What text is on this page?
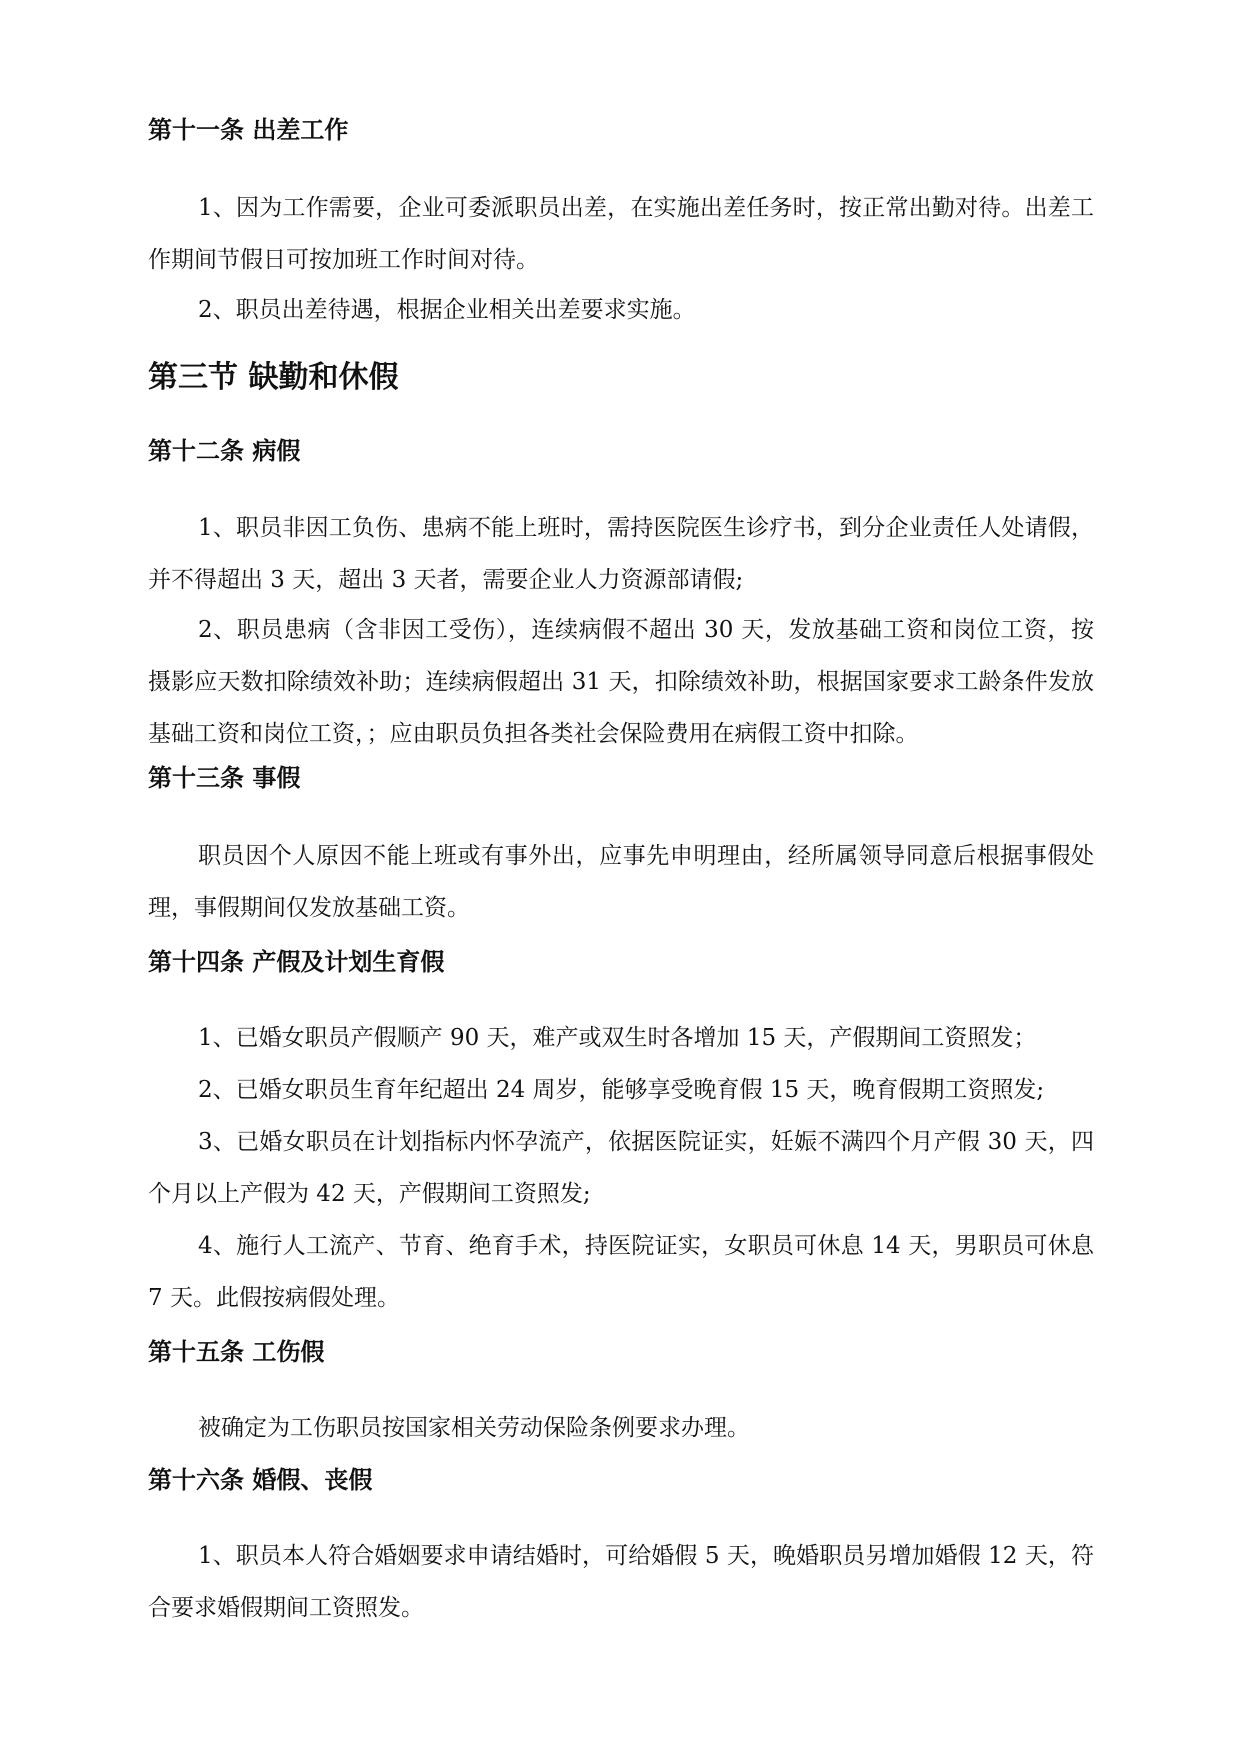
第十一条 出差工作

1、因为工作需要，企业可委派职员出差，在实施出差任务时，按正常出勤对待。出差工作期间节假日可按加班工作时间对待。

2、职员出差待遇，根据企业相关出差要求实施。

第三节 缺勤和休假
第十二条 病假

1、职员非因工负伤、患病不能上班时，需持医院医生诊疗书，到分企业责任人处请假，并不得超出 3 天，超出 3 天者，需要企业人力资源部请假;

2、职员患病（含非因工受伤），连续病假不超出 30 天，发放基础工资和岗位工资，按摄影应天数扣除绩效补助；连续病假超出 31 天，扣除绩效补助，根据国家要求工龄条件发放基础工资和岗位工资，；应由职员负担各类社会保险费用在病假工资中扣除。

第十三条 事假

职员因个人原因不能上班或有事外出，应事先申明理由，经所属领导同意后根据事假处理，事假期间仅发放基础工资。

第十四条 产假及计划生育假

1、已婚女职员产假顺产 90 天，难产或双生时各增加 15 天，产假期间工资照发；

2、已婚女职员生育年纪超出 24 周岁，能够享受晚育假 15 天，晚育假期工资照发;

3、已婚女职员在计划指标内怀孕流产，依据医院证实，妊娠不满四个月产假 30 天，四个月以上产假为 42 天，产假期间工资照发;

4、施行人工流产、节育、绝育手术，持医院证实，女职员可休息 14 天，男职员可休息 7 天。此假按病假处理。

第十五条 工伤假

被确定为工伤职员按国家相关劳动保险条例要求办理。

第十六条 婚假、丧假

1、职员本人符合婚姻要求申请结婚时，可给婚假 5 天，晚婚职员另增加婚假 12 天，符合要求婚假期间工资照发。
